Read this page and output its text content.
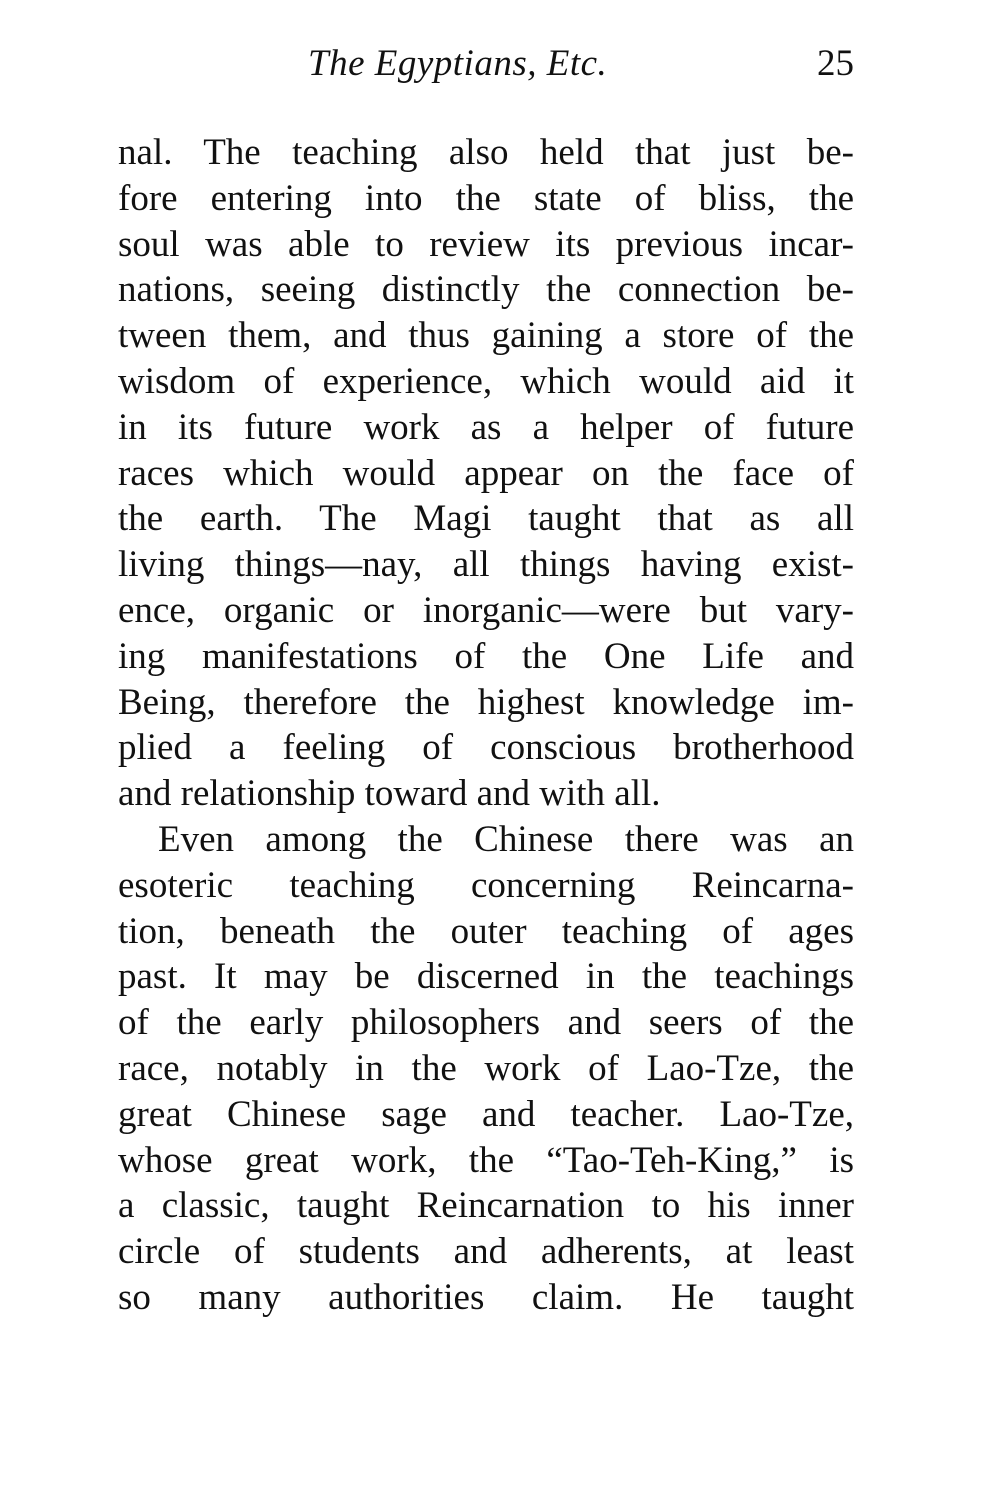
The Egyptians, Etc.	25
nal. The teaching also held that just be-
fore entering into the state of bliss, the
soul was able to review its previous incar-
nations, seeing distinctly the connection be-
tween them, and thus gaining a store of the
wisdom of experience, which would aid it
in its future work as a helper of future
races which would appear on the face of
the earth. The Magi taught that as all
living things—nay, all things having exist-
ence, organic or inorganic—were but vary-
ing manifestations of the One Life and
Being, therefore the highest knowledge im-
plied a feeling of conscious brotherhood
and relationship toward and with all.
Even among the Chinese there was an
esoteric teaching concerning Reincarna-
tion, beneath the outer teaching of ages
past. It may be discerned in the teachings
of the early philosophers and seers of the
race, notably in the work of Lao-Tze, the
great Chinese sage and teacher. Lao-Tze,
whose great work, the “Tao-Teh-King,” is
a classic, taught Reincarnation to his inner
circle of students and adherents, at least
so many authorities claim. He taught
